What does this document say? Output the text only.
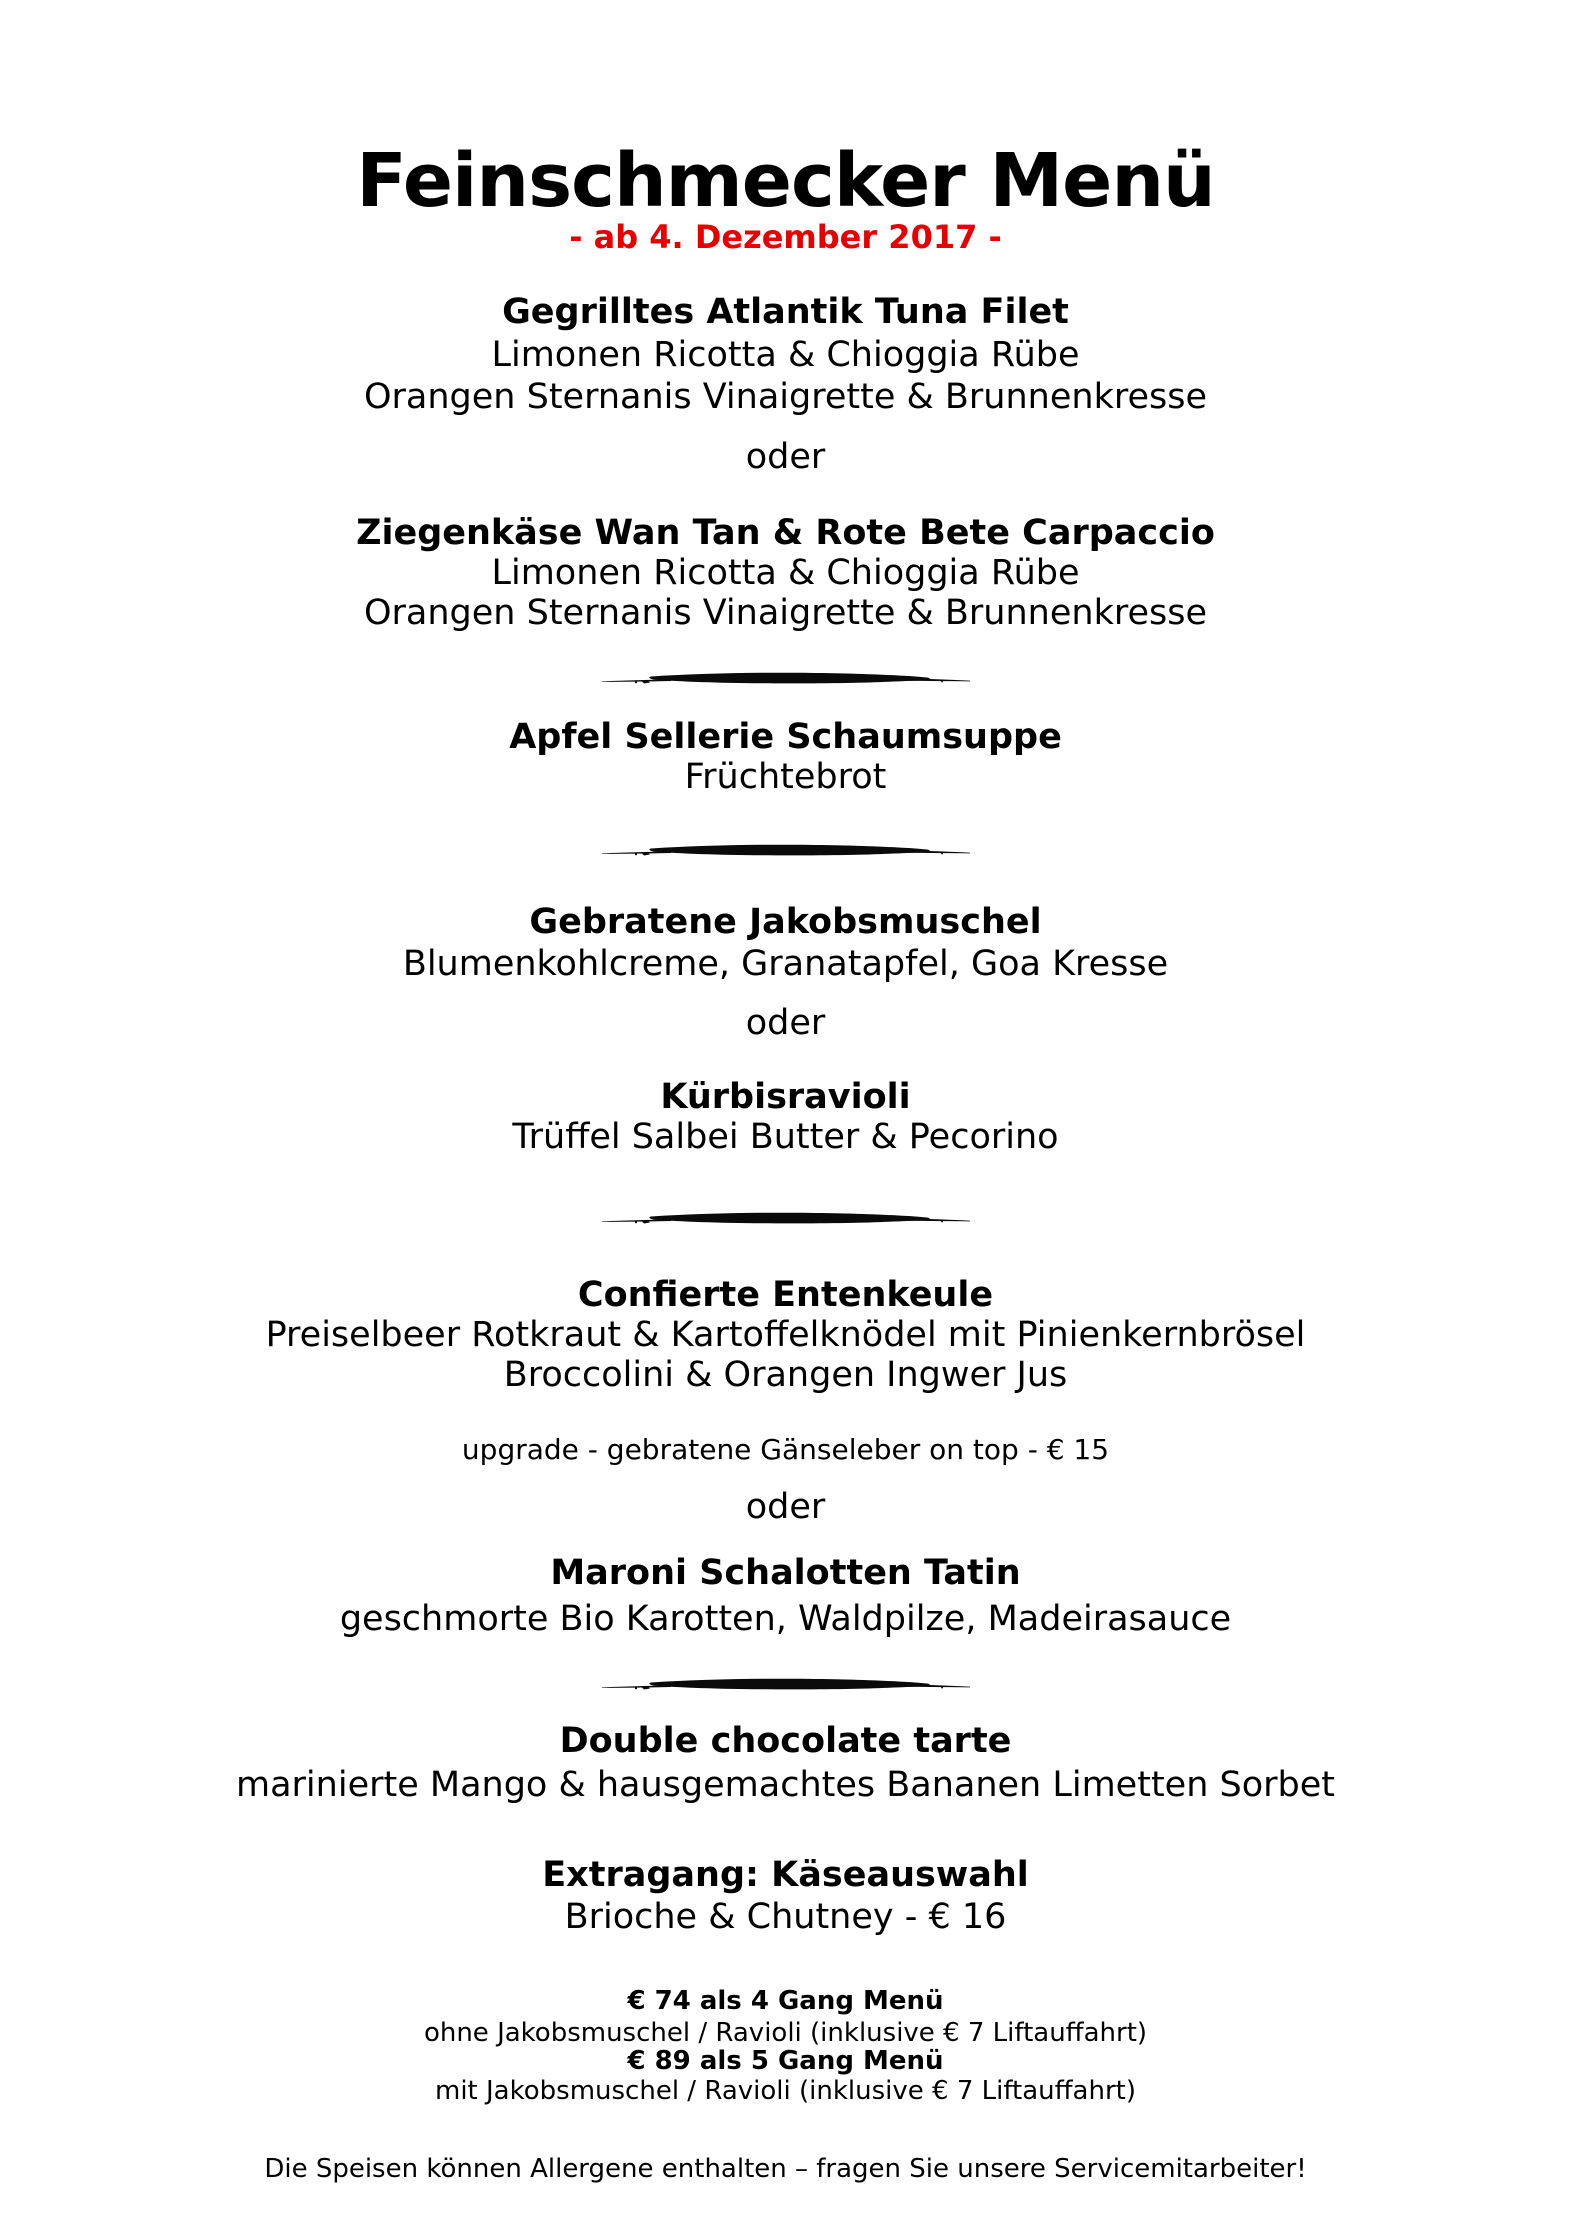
Feinschmecker Menü
- ab 4. Dezember 2017 -
Gegrilltes Atlantik Tuna Filet
Limonen Ricotta & Chioggia Rübe
Orangen Sternanis Vinaigrette & Brunnenkresse
oder
Ziegenkäse Wan Tan & Rote Bete Carpaccio
Limonen Ricotta & Chioggia Rübe
Orangen Sternanis Vinaigrette & Brunnenkresse
Apfel Sellerie Schaumsuppe
Früchtebrot
Gebratene Jakobsmuschel
Blumenkohlcreme, Granatapfel, Goa Kresse
oder
Kürbisravioli
Trüffel Salbei Butter & Pecorino
Confierte Entenkeule
Preiselbeer Rotkraut & Kartoffelknödel mit Pinienkernbrösel
Broccolini & Orangen Ingwer Jus
upgrade - gebratene Gänseleber on top - € 15
oder
Maroni Schalotten Tatin
geschmorte Bio Karotten, Waldpilze, Madeirasauce
Double chocolate tarte
marinierte Mango & hausgemachtes Bananen Limetten Sorbet
Extragang: Käseauswahl
Brioche & Chutney - € 16
€ 74 als 4 Gang Menü
ohne Jakobsmuschel / Ravioli (inklusive € 7 Liftauffahrt)
€ 89 als 5 Gang Menü
mit Jakobsmuschel / Ravioli (inklusive € 7 Liftauffahrt)
Die Speisen können Allergene enthalten – fragen Sie unsere Servicemitarbeiter!
